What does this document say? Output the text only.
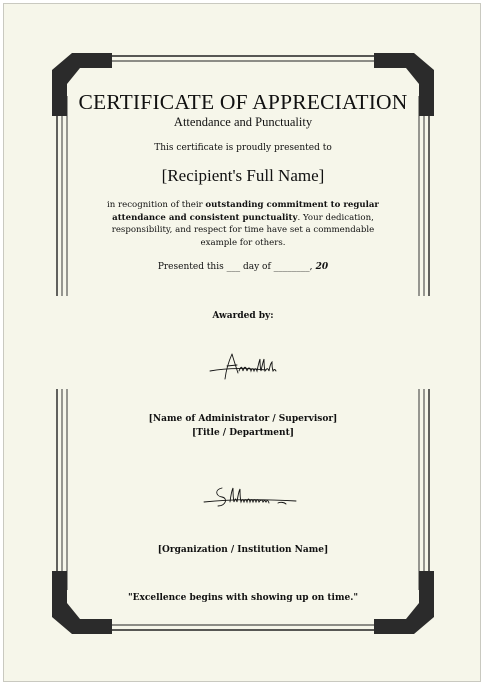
CERTIFICATE OF APPRECIATION
Attendance and Punctuality
This certificate is proudly presented to
[Recipient's Full Name]
in recognition of their outstanding commitment to regular attendance and consistent punctuality. Your dedication, responsibility, and respect for time have set a commendable example for others.
Presented this ___ day of ________, 20
Awarded by:
[Name of Administrator / Supervisor]
[Title / Department]
[Organization / Institution Name]
"Excellence begins with showing up on time."
